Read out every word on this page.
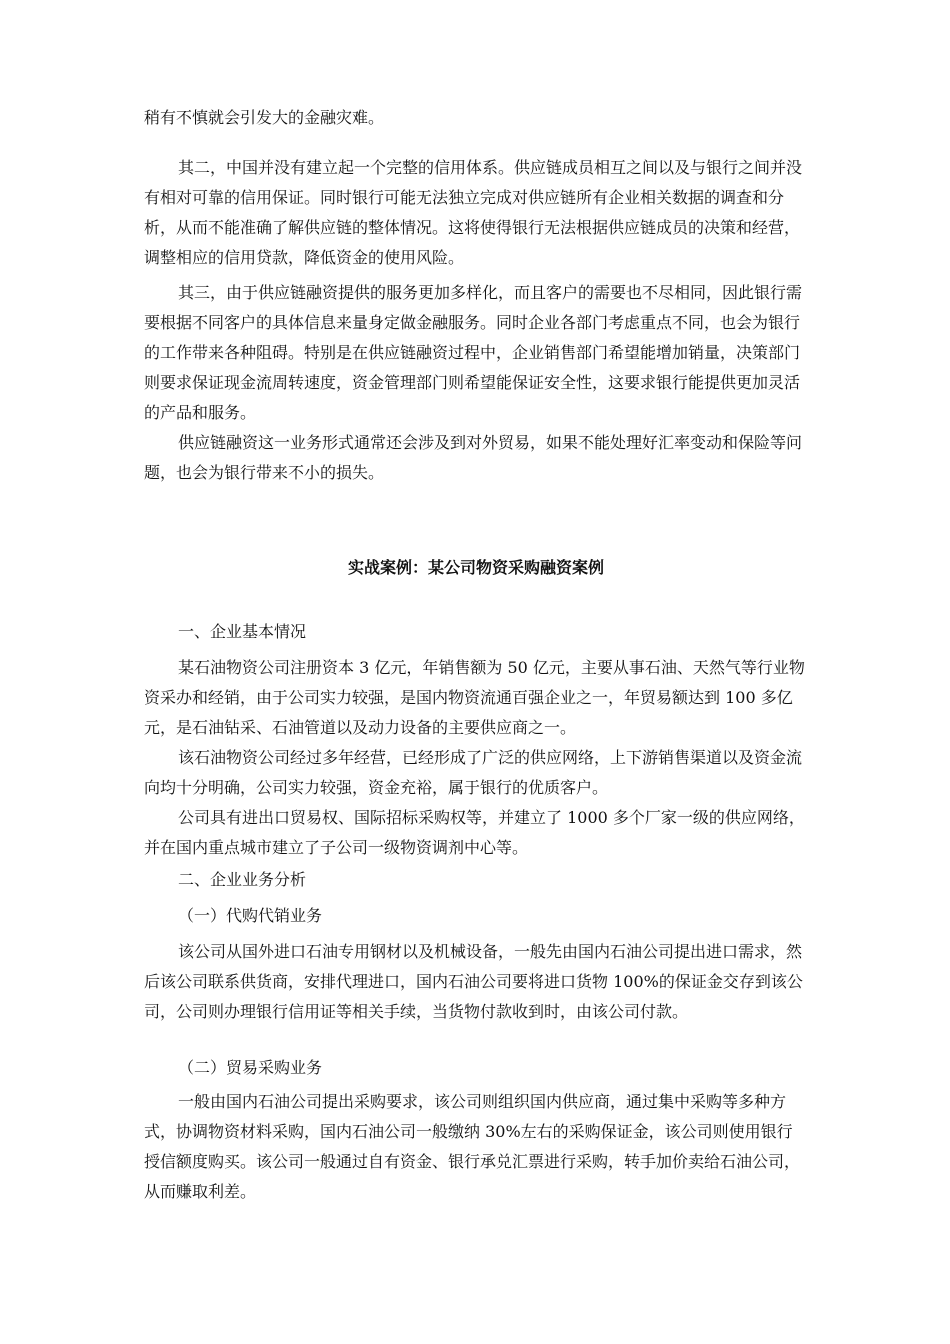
稍有不慎就会引发大的金融灾难。

其二，中国并没有建立起一个完整的信用体系。供应链成员相互之间以及与银行之间并没有相对可靠的信用保证。同时银行可能无法独立完成对供应链所有企业相关数据的调查和分析，从而不能准确了解供应链的整体情况。这将使得银行无法根据供应链成员的决策和经营，调整相应的信用贷款，降低资金的使用风险。

其三，由于供应链融资提供的服务更加多样化，而且客户的需要也不尽相同，因此银行需要根据不同客户的具体信息来量身定做金融服务。同时企业各部门考虑重点不同，也会为银行的工作带来各种阻碍。特别是在供应链融资过程中，企业销售部门希望能增加销量，决策部门则要求保证现金流周转速度，资金管理部门则希望能保证安全性，这要求银行能提供更加灵活的产品和服务。

供应链融资这一业务形式通常还会涉及到对外贸易，如果不能处理好汇率变动和保险等问题，也会为银行带来不小的损失。

实战案例：某公司物资采购融资案例

一、企业基本情况

某石油物资公司注册资本 3 亿元，年销售额为 50 亿元，主要从事石油、天然气等行业物资采办和经销，由于公司实力较强，是国内物资流通百强企业之一，年贸易额达到 100 多亿元，是石油钻采、石油管道以及动力设备的主要供应商之一。

该石油物资公司经过多年经营，已经形成了广泛的供应网络，上下游销售渠道以及资金流向均十分明确，公司实力较强，资金充裕，属于银行的优质客户。

公司具有进出口贸易权、国际招标采购权等，并建立了 1000 多个厂家一级的供应网络，并在国内重点城市建立了子公司一级物资调剂中心等。

二、企业业务分析

（一）代购代销业务

该公司从国外进口石油专用钢材以及机械设备，一般先由国内石油公司提出进口需求，然后该公司联系供货商，安排代理进口，国内石油公司要将进口货物 100%的保证金交存到该公司，公司则办理银行信用证等相关手续，当货物付款收到时，由该公司付款。

（二）贸易采购业务

一般由国内石油公司提出采购要求，该公司则组织国内供应商，通过集中采购等多种方式，协调物资材料采购，国内石油公司一般缴纳 30%左右的采购保证金，该公司则使用银行授信额度购买。该公司一般通过自有资金、银行承兑汇票进行采购，转手加价卖给石油公司，从而赚取利差。
